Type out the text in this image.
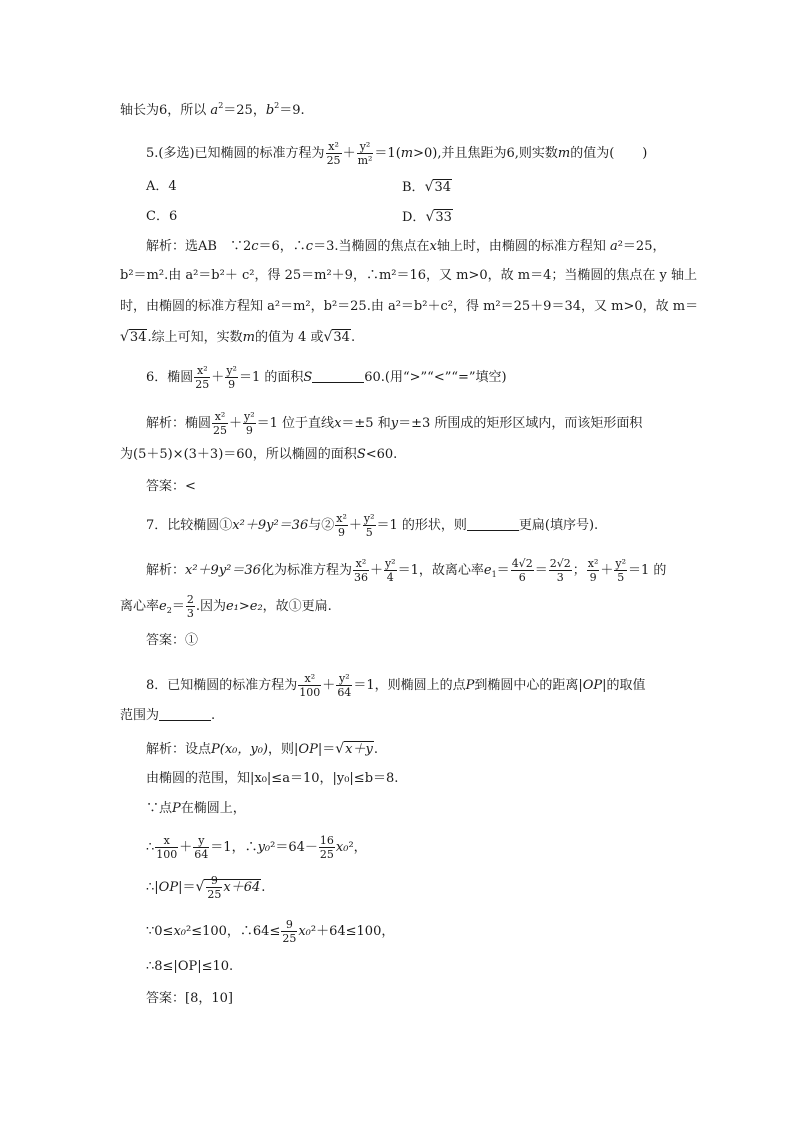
轴长为6，所以 $a^2=25$，$b^2=9$.
5.(多选)已知椭圆的标准方程为 $\frac{\text{x²}}{25} + \frac{\text{y²}}{\text{m²}} =1(m>0)$,并且焦距为6,则实数m的值为( )
A．4	B．√34
C．6	D．√33
解析：选AB　∵2c＝6，∴c＝3.当椭圆的焦点在x轴上时，由椭圆的标准方程知 a²＝25，
b²＝m².由 a²＝b²＋ c²，得 25＝m²＋9，∴m²＝16，又 m>0，故 m＝4；当椭圆的焦点在 y 轴上
时，由椭圆的标准方程知 a²＝m²，b²＝25.由 a²＝b²＋c²，得 m²＝25＋9＝34，又 m>0，故 m＝
√34.综上可知，实数m的值为 4 或√34.
6．椭圆 $\frac{\text{x²}}{25} + \frac{\text{y²}}{9} =1$ 的面积S	60.(用“>”“<”“=”填空)
解析：椭圆 $\frac{\text{x²}}{25} + \frac{\text{y²}}{9} =1$ 位于直线x＝±5 和y＝±3 所围成的矩形区域内，而该矩形面积
为(5＋5)×(3＋3)＝60，所以椭圆的面积S<60.
答案：<
7．比较椭圆①x²＋9y²＝36与② $\frac{\text{x²}}{9} + \frac{\text{y²}}{5} =1$ 的形状，则	更扁(填序号).
解析：x²＋9y²＝36化为标准方程为 $\frac{\text{x²}}{36} + \frac{\text{y²}}{4} =1$，故离心率$e_1= \frac{4√2}{6} = \frac{2√2}{3}$ ； $\frac{\text{x²}}{9} + \frac{\text{y²}}{5} =1$ 的
离心率$e_2= \frac{2}{3}$ .因为e₁>e₂，故①更扁.
答案：①
8．已知椭圆的标准方程为 $\frac{\text{x²}}{100} + \frac{\text{y²}}{64} =1$，则椭圆上的点P到椭圆中心的距离|OP|的取值
范围为	.
解析：设点P(x₀，y₀)，则|OP|＝√x＋y.
由椭圆的范围，知|x₀|≤a＝10，|y₀|≤b＝8.
∵点P在椭圆上，
∴ $\frac{x}{100} + \frac{y}{64} =1$，∴y₀²＝64－ $\frac{16}{25} x_0^2$，
∴|OP|＝√ $\frac{9}{25} x+64$.
∵0≤x₀²≤100，∴64≤ $\frac{9}{25} x_0^2+64\le 100$，
∴8≤|OP|≤10.
答案：[8，10]
